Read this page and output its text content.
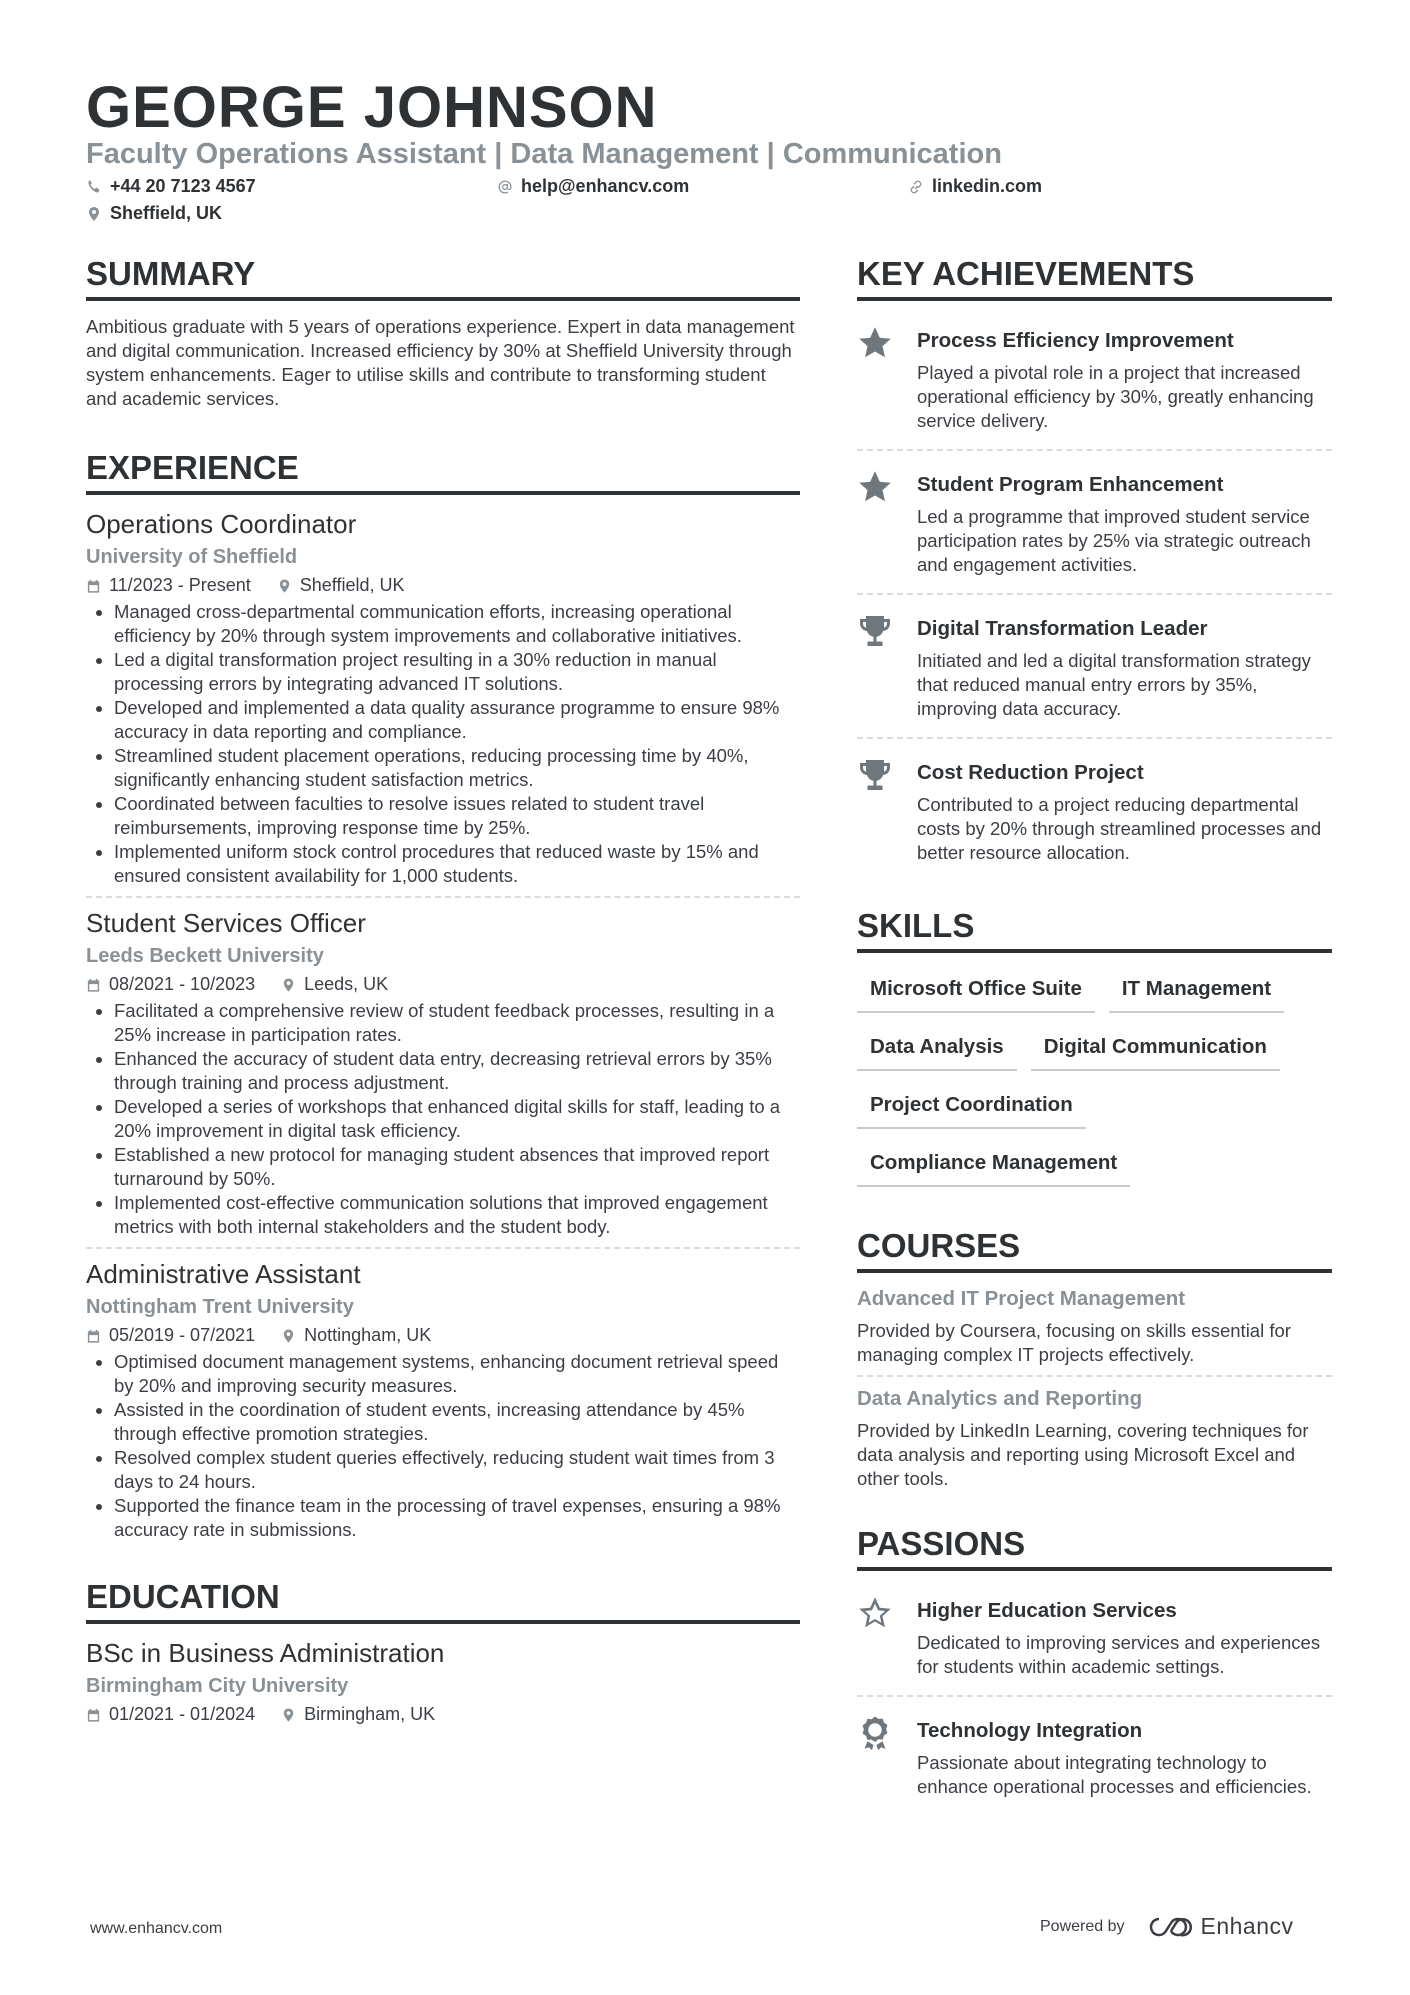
GEORGE JOHNSON
Faculty Operations Assistant | Data Management | Communication
+44 20 7123 4567	help@enhancv.com	linkedin.com
Sheffield, UK
SUMMARY

Ambitious graduate with 5 years of operations experience. Expert in data management and digital communication. Increased efficiency by 30% at Sheffield University through system enhancements. Eager to utilise skills and contribute to transforming student and academic services.

EXPERIENCE
Operations Coordinator
University of Sheffield
11/2023 - Present	Sheffield, UK
• Managed cross-departmental communication efforts, increasing operational efficiency by 20% through system improvements and collaborative initiatives.
• Led a digital transformation project resulting in a 30% reduction in manual processing errors by integrating advanced IT solutions.
• Developed and implemented a data quality assurance programme to ensure 98% accuracy in data reporting and compliance.
• Streamlined student placement operations, reducing processing time by 40%, significantly enhancing student satisfaction metrics.
• Coordinated between faculties to resolve issues related to student travel reimbursements, improving response time by 25%.
• Implemented uniform stock control procedures that reduced waste by 15% and ensured consistent availability for 1,000 students.
Student Services Officer
Leeds Beckett University
08/2021 - 10/2023	Leeds, UK
• Facilitated a comprehensive review of student feedback processes, resulting in a 25% increase in participation rates.
• Enhanced the accuracy of student data entry, decreasing retrieval errors by 35% through training and process adjustment.
• Developed a series of workshops that enhanced digital skills for staff, leading to a 20% improvement in digital task efficiency.
• Established a new protocol for managing student absences that improved report turnaround by 50%.
• Implemented cost-effective communication solutions that improved engagement metrics with both internal stakeholders and the student body.
Administrative Assistant
Nottingham Trent University
05/2019 - 07/2021	Nottingham, UK
• Optimised document management systems, enhancing document retrieval speed by 20% and improving security measures.
• Assisted in the coordination of student events, increasing attendance by 45% through effective promotion strategies.
• Resolved complex student queries effectively, reducing student wait times from 3 days to 24 hours.
• Supported the finance team in the processing of travel expenses, ensuring a 98% accuracy rate in submissions.
EDUCATION
BSc in Business Administration
Birmingham City University
01/2021 - 01/2024	Birmingham, UK
KEY ACHIEVEMENTS
Process Efficiency Improvement
Played a pivotal role in a project that increased operational efficiency by 30%, greatly enhancing service delivery.
Student Program Enhancement
Led a programme that improved student service participation rates by 25% via strategic outreach and engagement activities.
Digital Transformation Leader
Initiated and led a digital transformation strategy that reduced manual entry errors by 35%, improving data accuracy.
Cost Reduction Project
Contributed to a project reducing departmental costs by 20% through streamlined processes and better resource allocation.
SKILLS
Microsoft Office Suite	IT Management
Data Analysis	Digital Communication
Project Coordination
Compliance Management
COURSES
Advanced IT Project Management
Provided by Coursera, focusing on skills essential for managing complex IT projects effectively.
Data Analytics and Reporting
Provided by LinkedIn Learning, covering techniques for data analysis and reporting using Microsoft Excel and other tools.
PASSIONS
Higher Education Services
Dedicated to improving services and experiences for students within academic settings.
Technology Integration
Passionate about integrating technology to enhance operational processes and efficiencies.
www.enhancv.com	Powered by	Enhancv
